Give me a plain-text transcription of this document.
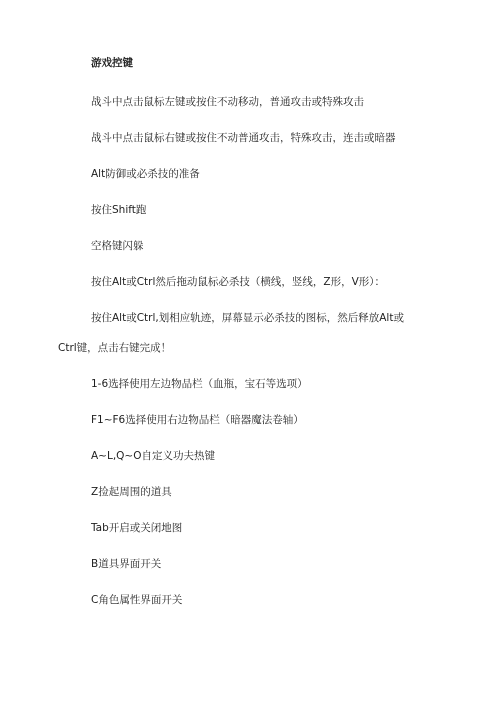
游戏控键
战斗中点击鼠标左键或按住不动移动，普通攻击或特殊攻击
战斗中点击鼠标右键或按住不动普通攻击，特殊攻击，连击或暗器
Alt防御或必杀技的准备
按住Shift跑
空格键闪躲
按住Alt或Ctrl然后拖动鼠标必杀技（横线，竖线，Z形，V形）：
按住Alt或Ctrl,划相应轨迹，屏幕显示必杀技的图标，然后释放Alt或
Ctrl键，点击右键完成！
1-6选择使用左边物品栏（血瓶，宝石等选项）
F1~F6选择使用右边物品栏（暗器魔法卷轴）
A~L,Q~O自定义功夫热键
Z捡起周围的道具
Tab开启或关闭地图
B道具界面开关
C角色属性界面开关
